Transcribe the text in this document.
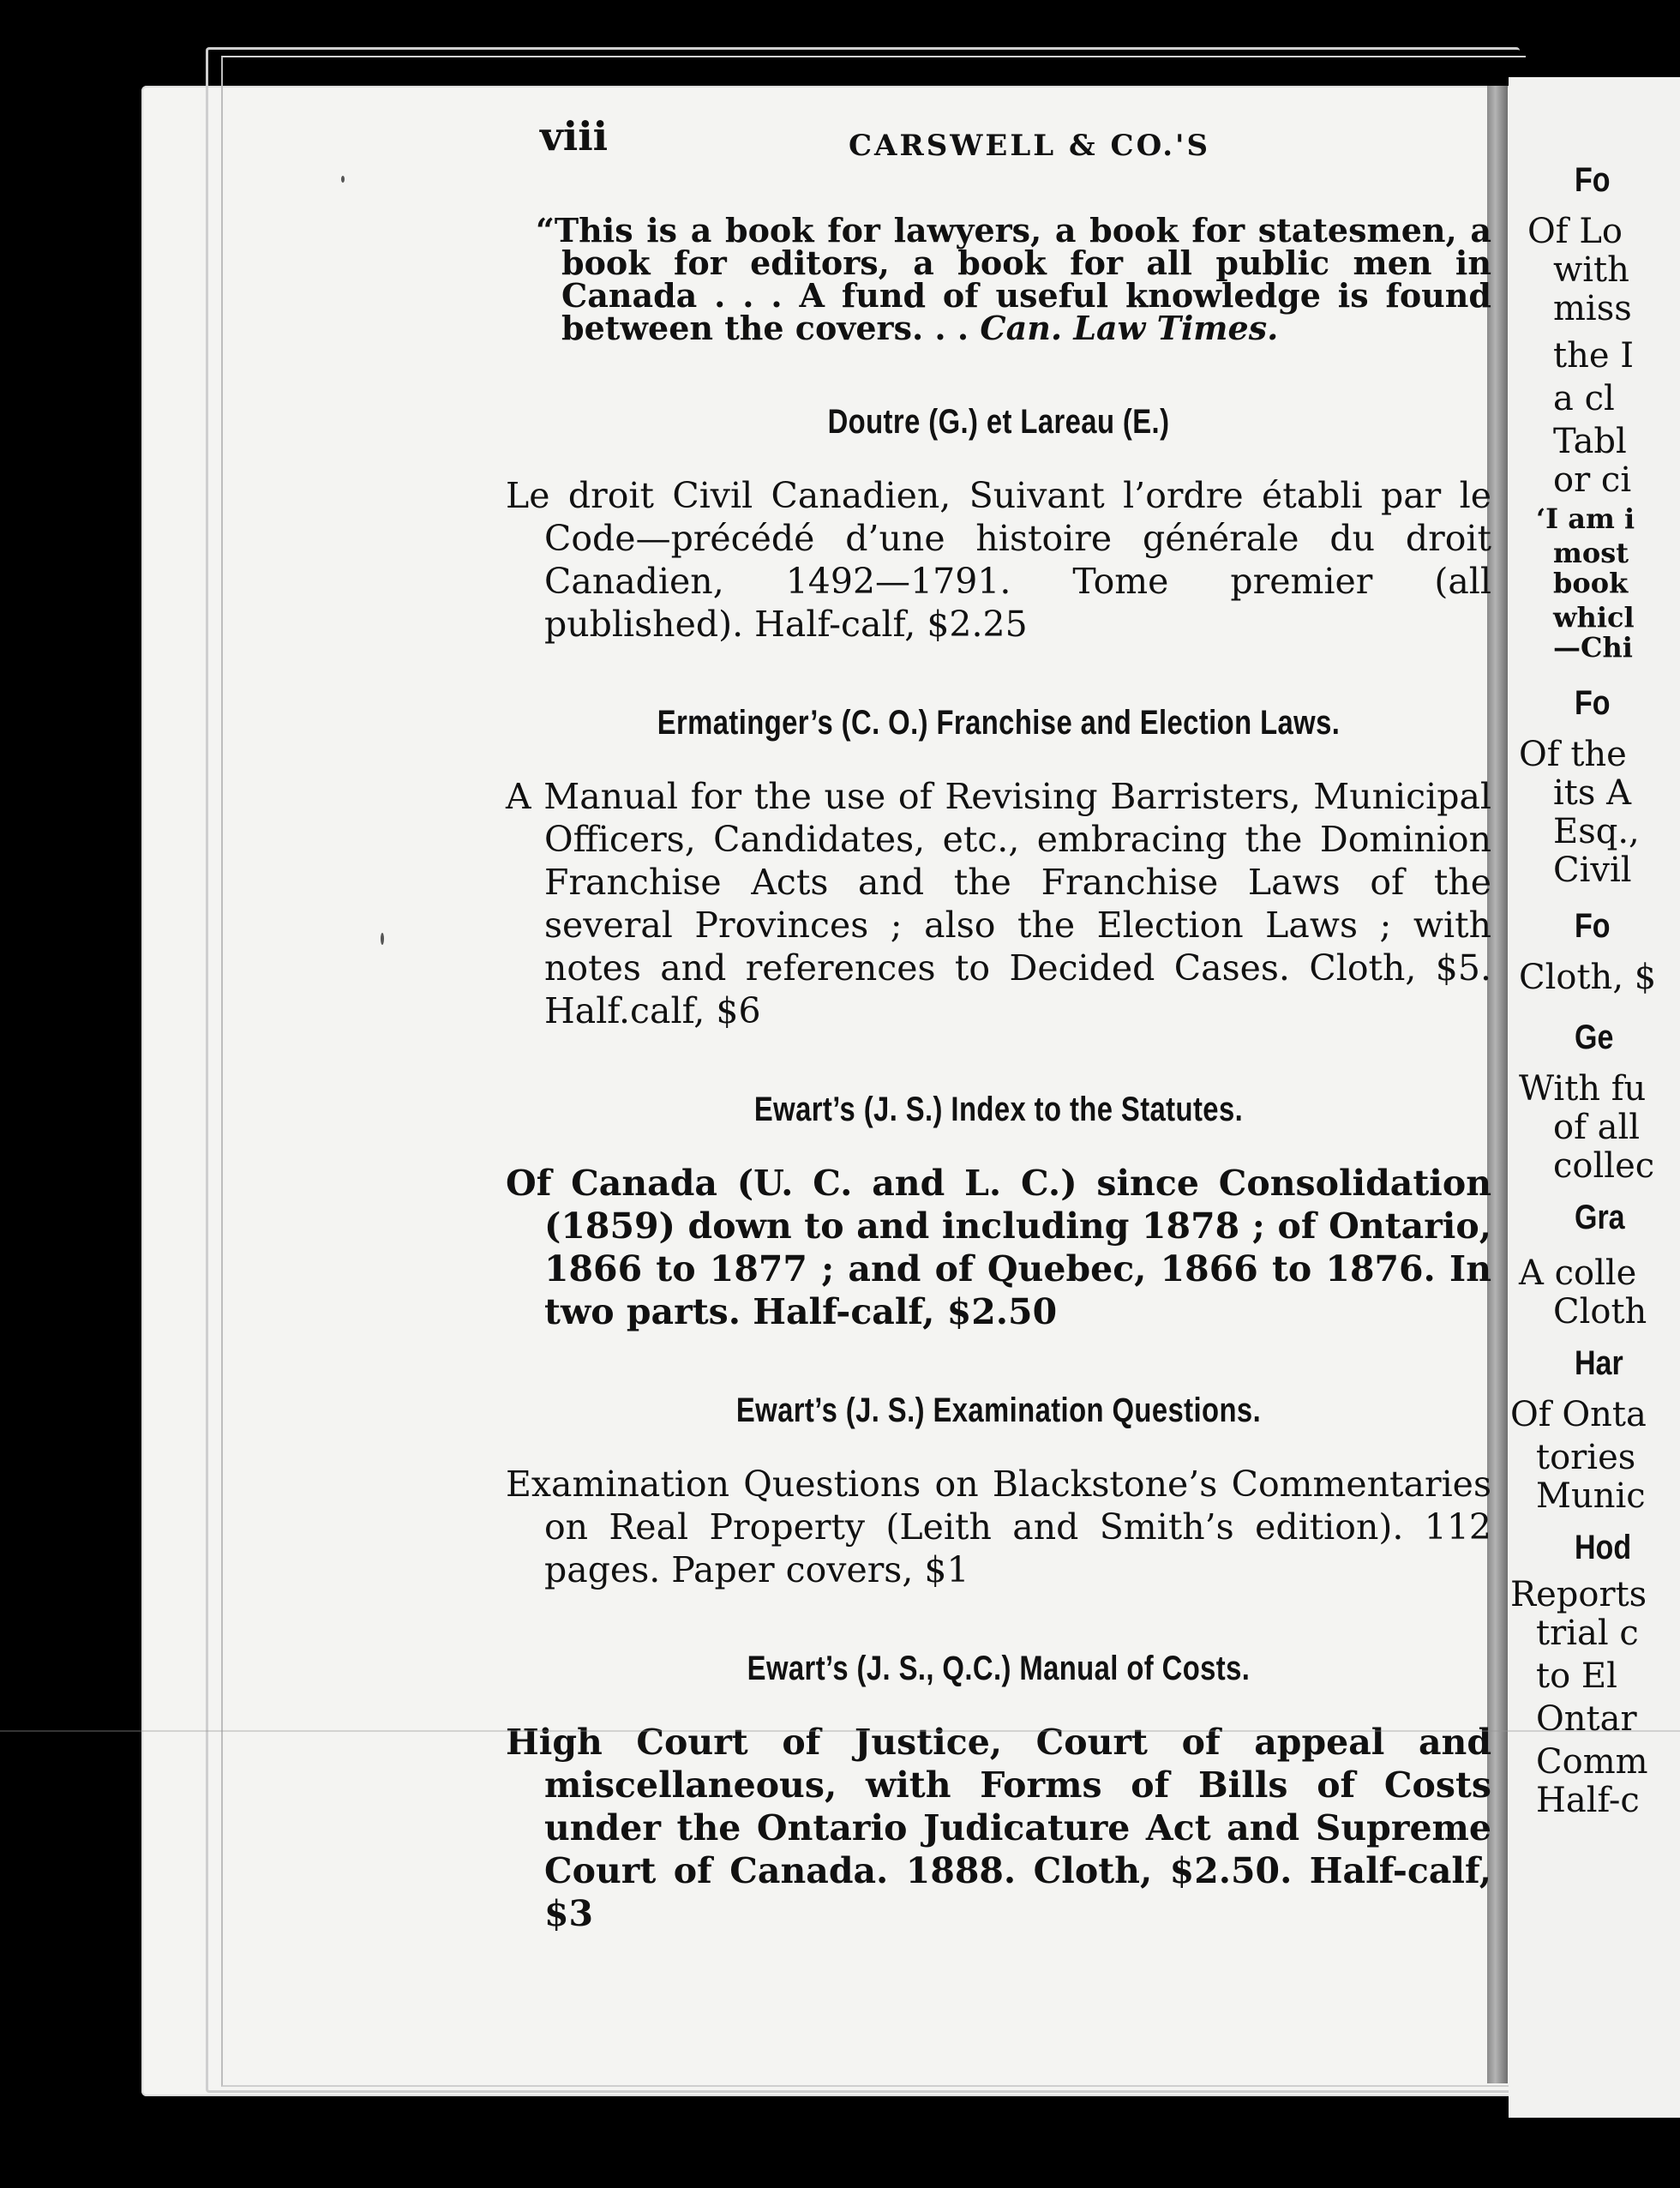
Fo
Of Lo
with
miss
the I
a cl
Tabl
or ci
‘I am i
most
book
whicl
—Chi
Fo
Of the
its A
Esq.,
Civil
Fo
Cloth, $
Ge
With fu
of all
collec
Gra
A colle
Cloth
Har
Of Onta
tories
Munic
Hod
Reports
trial c
to El
Ontar
Comm
Half-c
viii	CARSWELL & CO.'S

“This is a book for lawyers, a book for statesmen, a book for editors, a book for all public men in Canada . . . A fund of useful knowledge is found between the covers. . . Can. Law Times.

Doutre (G.) et Lareau (E.)

Le droit Civil Canadien, Suivant l’ordre établi par le Code—précédé d’une histoire générale du droit Canadien, 1492—1791. Tome premier (all published). Half-calf, $2.25

Ermatinger’s (C. O.) Franchise and Election Laws.

A Manual for the use of Revising Barristers, Municipal Officers, Candidates, etc., embracing the Dominion Franchise Acts and the Franchise Laws of the several Provinces ; also the Election Laws ; with notes and references to Decided Cases. Cloth, $5. Half.calf, $6

Ewart’s (J. S.) Index to the Statutes.

Of Canada (U. C. and L. C.) since Consolidation (1859) down to and including 1878 ; of Ontario, 1866 to 1877 ; and of Quebec, 1866 to 1876. In two parts. Half-calf, $2.50

Ewart’s (J. S.) Examination Questions.

Examination Questions on Blackstone’s Commentaries on Real Property (Leith and Smith’s edition). 112 pages. Paper covers, $1

Ewart’s (J. S., Q.C.) Manual of Costs.

High Court of Justice, Court of appeal and miscellaneous, with Forms of Bills of Costs under the Ontario Judicature Act and Supreme Court of Canada. 1888. Cloth, $2.50. Half-calf, $3
